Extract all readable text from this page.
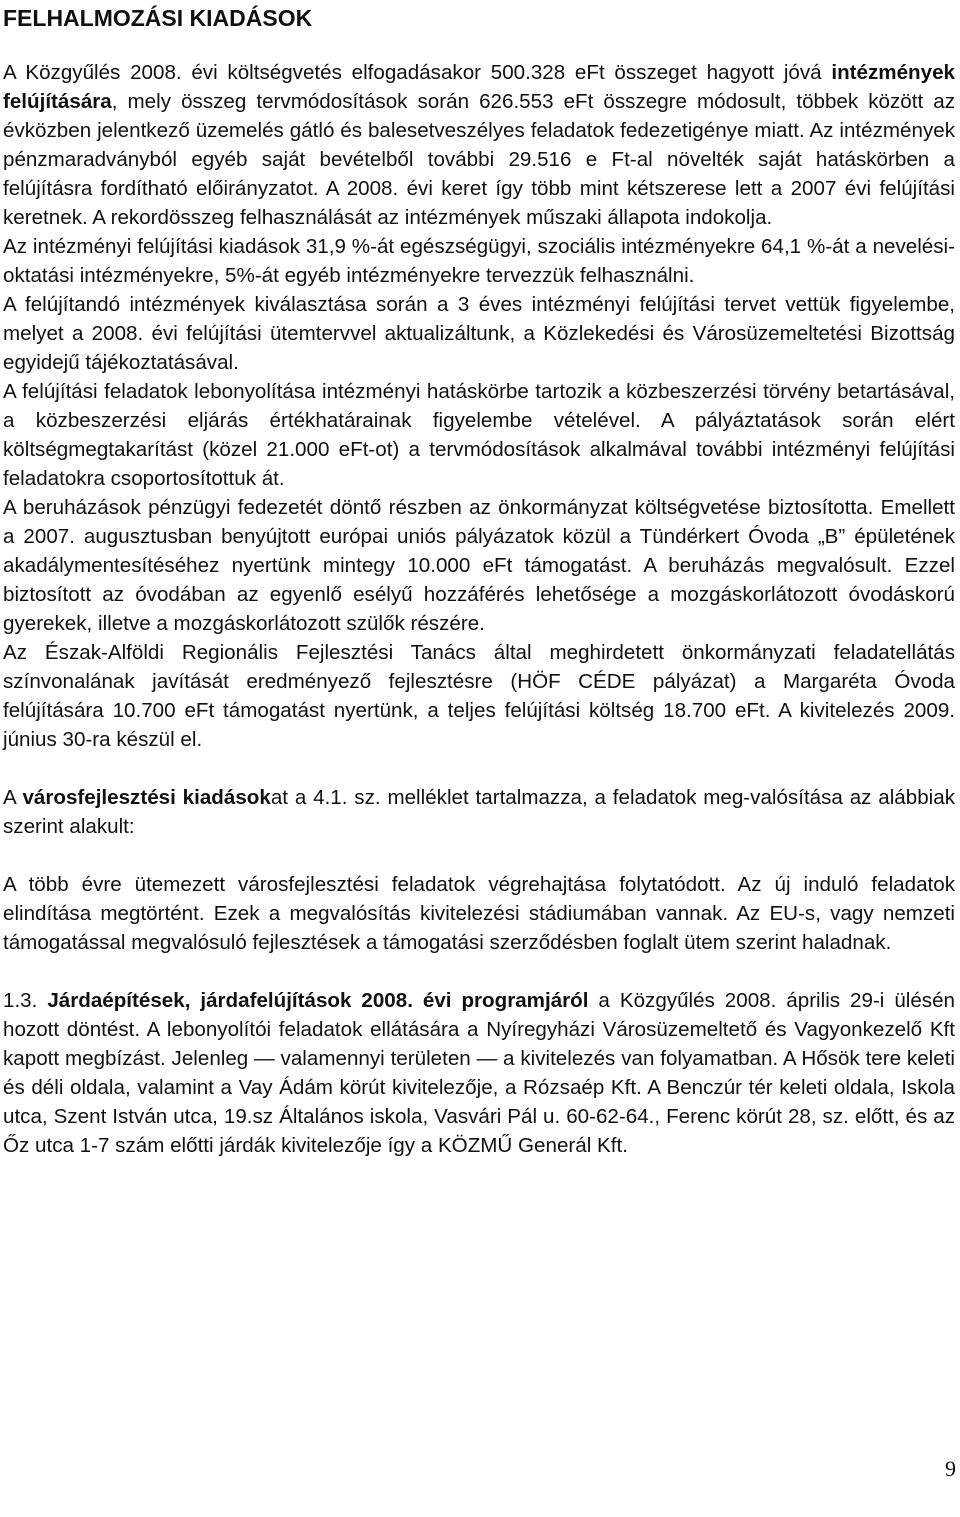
FELHALMOZÁSI KIADÁSOK

A Közgyűlés 2008. évi költségvetés elfogadásakor 500.328 eFt összeget hagyott jóvá intézmények felújítására, mely összeg tervmódosítások során 626.553 eFt összegre módosult, többek között az évközben jelentkező üzemelés gátló és balesetveszélyes feladatok fedezetigénye miatt. Az intézmények pénzmaradványból egyéb saját bevételből további 29.516 e Ft-al növelték saját hatáskörben a felújításra fordítható előirányzatot. A 2008. évi keret így több mint kétszerese lett a 2007 évi felújítási keretnek. A rekordösszeg felhasználását az intézmények műszaki állapota indokolja.

Az intézményi felújítási kiadások 31,9 %-át egészségügyi, szociális intézményekre 64,1 %-át a nevelési-oktatási intézményekre, 5%-át egyéb intézményekre tervezzük felhasználni.

A felújítandó intézmények kiválasztása során a 3 éves intézményi felújítási tervet vettük figyelembe, melyet a 2008. évi felújítási ütemtervvel aktualizáltunk, a Közlekedési és Városüzemeltetési Bizottság egyidejű tájékoztatásával.

A felújítási feladatok lebonyolítása intézményi hatáskörbe tartozik a közbeszerzési törvény betartásával, a közbeszerzési eljárás értékhatárainak figyelembe vételével. A pályáztatások során elért költségmegtakarítást (közel 21.000 eFt-ot) a tervmódosítások alkalmával további intézményi felújítási feladatokra csoportosítottuk át.

A beruházások pénzügyi fedezetét döntő részben az önkormányzat költségvetése biztosította. Emellett a 2007. augusztusban benyújtott európai uniós pályázatok közül a Tündérkert Óvoda „B” épületének akadálymentesítéséhez nyertünk mintegy 10.000 eFt támogatást. A beruházás megvalósult. Ezzel biztosított az óvodában az egyenlő esélyű hozzáférés lehetősége a mozgáskorlátozott óvodáskorú gyerekek, illetve a mozgáskorlátozott szülők részére.

Az Észak-Alföldi Regionális Fejlesztési Tanács által meghirdetett önkormányzati feladatellátás színvonalának javítását eredményező fejlesztésre (HÖF CÉDE pályázat) a Margaréta Óvoda felújítására 10.700 eFt támogatást nyertünk, a teljes felújítási költség 18.700 eFt. A kivitelezés 2009. június 30-ra készül el.

A városfejlesztési kiadásokat a 4.1. sz. melléklet tartalmazza, a feladatok meg-valósítása az alábbiak szerint alakult:

A több évre ütemezett városfejlesztési feladatok végrehajtása folytatódott. Az új induló feladatok elindítása megtörtént. Ezek a megvalósítás kivitelezési stádiumában vannak. Az EU-s, vagy nemzeti támogatással megvalósuló fejlesztések a támogatási szerződésben foglalt ütem szerint haladnak.

1.3. Járdaépítések, járdafelújítások 2008. évi programjáról a Közgyűlés 2008. április 29-i ülésén hozott döntést. A lebonyolítói feladatok ellátására a Nyíregyházi Városüzemeltető és Vagyonkezelő Kft kapott megbízást. Jelenleg — valamennyi területen — a kivitelezés van folyamatban. A Hősök tere keleti és déli oldala, valamint a Vay Ádám körút kivitelezője, a Rózsaép Kft. A Benczúr tér keleti oldala, Iskola utca, Szent István utca, 19.sz Általános iskola, Vasvári Pál u. 60-62-64., Ferenc körút 28, sz. előtt, és az Őz utca 1-7 szám előtti járdák kivitelezője így a KÖZMŰ Generál Kft.

9
